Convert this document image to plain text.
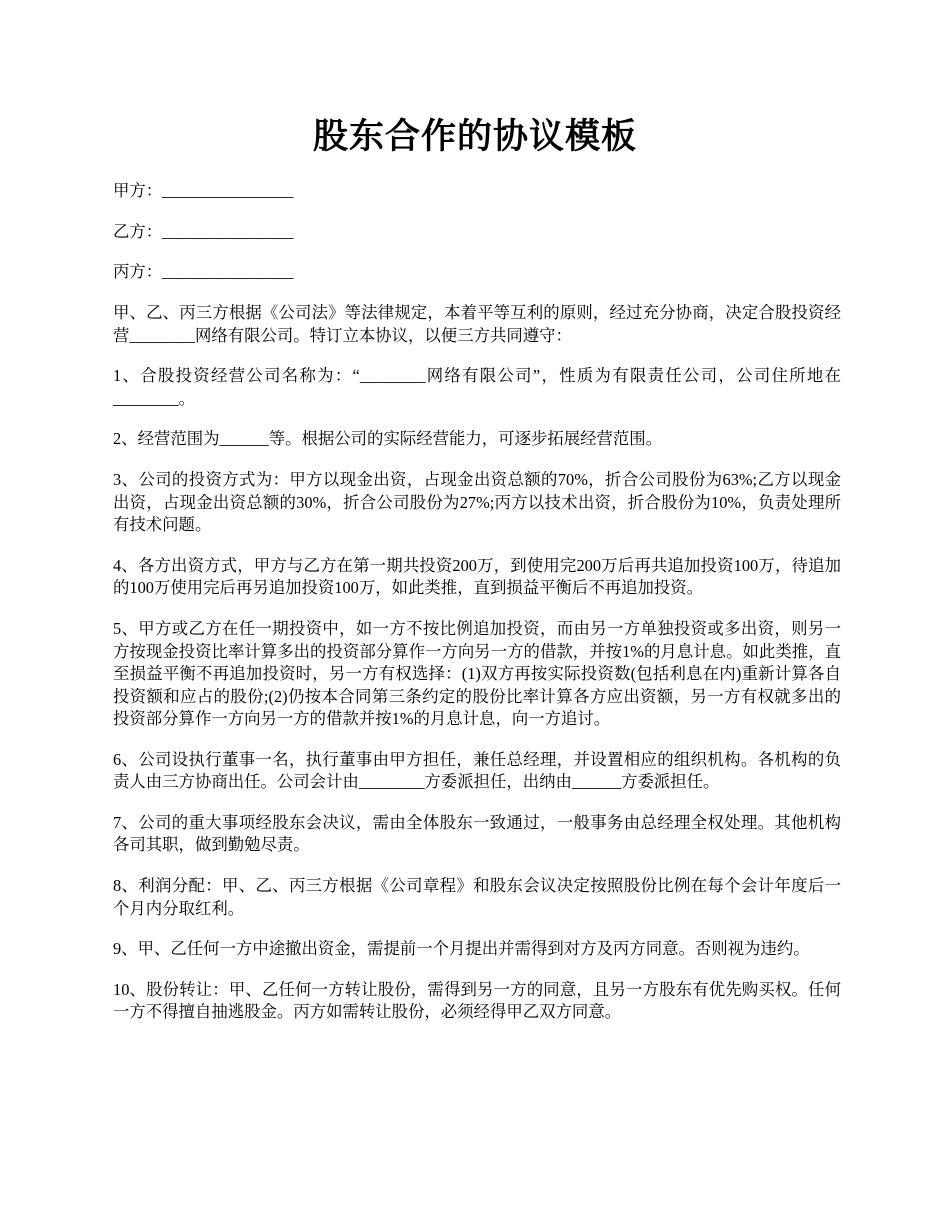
股东合作的协议模板

甲方：________________

乙方：________________

丙方：________________

甲、乙、丙三方根据《公司法》等法律规定，本着平等互利的原则，经过充分协商，决定合股投资经营________网络有限公司。特订立本协议，以便三方共同遵守：

1、合股投资经营公司名称为：“________网络有限公司”，性质为有限责任公司，公司住所地在________。

2、经营范围为______等。根据公司的实际经营能力，可逐步拓展经营范围。

3、公司的投资方式为：甲方以现金出资，占现金出资总额的70%，折合公司股份为63%;乙方以现金出资，占现金出资总额的30%，折合公司股份为27%;丙方以技术出资，折合股份为10%，负责处理所有技术问题。

4、各方出资方式，甲方与乙方在第一期共投资200万，到使用完200万后再共追加投资100万，待追加的100万使用完后再另追加投资100万，如此类推，直到损益平衡后不再追加投资。

5、甲方或乙方在任一期投资中，如一方不按比例追加投资，而由另一方单独投资或多出资，则另一方按现金投资比率计算多出的投资部分算作一方向另一方的借款，并按1%的月息计息。如此类推，直至损益平衡不再追加投资时，另一方有权选择：(1)双方再按实际投资数(包括利息在内)重新计算各自投资额和应占的股份;(2)仍按本合同第三条约定的股份比率计算各方应出资额，另一方有权就多出的投资部分算作一方向另一方的借款并按1%的月息计息，向一方追讨。

6、公司设执行董事一名，执行董事由甲方担任，兼任总经理，并设置相应的组织机构。各机构的负责人由三方协商出任。公司会计由________方委派担任，出纳由______方委派担任。

7、公司的重大事项经股东会决议，需由全体股东一致通过，一般事务由总经理全权处理。其他机构各司其职，做到勤勉尽责。

8、利润分配：甲、乙、丙三方根据《公司章程》和股东会议决定按照股份比例在每个会计年度后一个月内分取红利。

9、甲、乙任何一方中途撤出资金，需提前一个月提出并需得到对方及丙方同意。否则视为违约。

10、股份转让：甲、乙任何一方转让股份，需得到另一方的同意，且另一方股东有优先购买权。任何一方不得擅自抽逃股金。丙方如需转让股份，必须经得甲乙双方同意。
